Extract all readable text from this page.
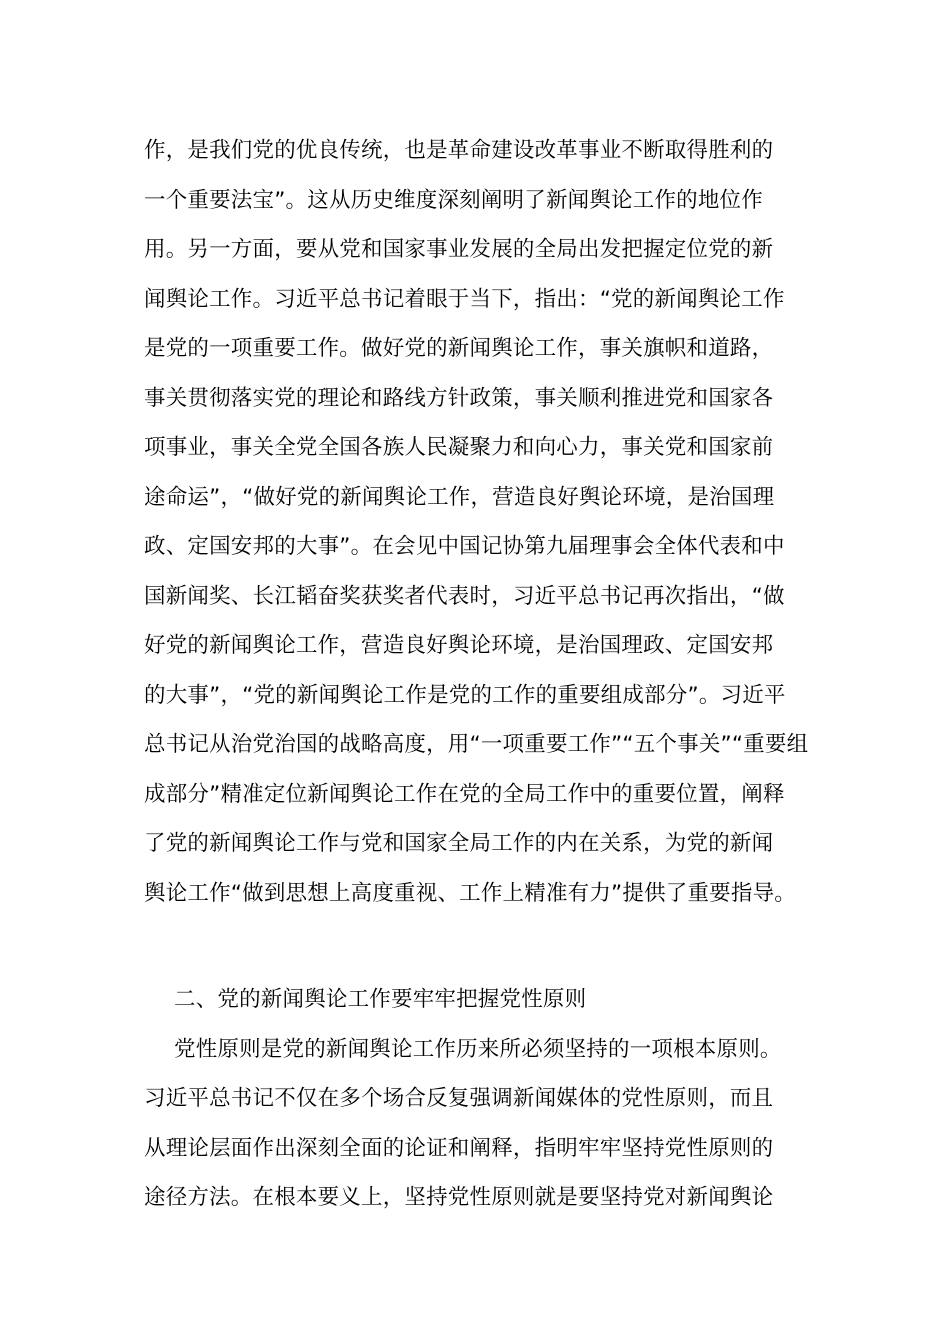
作，是我们党的优良传统，也是革命建设改革事业不断取得胜利的
一个重要法宝”。这从历史维度深刻阐明了新闻舆论工作的地位作
用。另一方面，要从党和国家事业发展的全局出发把握定位党的新
闻舆论工作。习近平总书记着眼于当下，指出：“党的新闻舆论工作
是党的一项重要工作。做好党的新闻舆论工作，事关旗帜和道路，
事关贯彻落实党的理论和路线方针政策，事关顺利推进党和国家各
项事业，事关全党全国各族人民凝聚力和向心力，事关党和国家前
途命运”，“做好党的新闻舆论工作，营造良好舆论环境，是治国理
政、定国安邦的大事”。在会见中国记协第九届理事会全体代表和中
国新闻奖、长江韬奋奖获奖者代表时，习近平总书记再次指出，“做
好党的新闻舆论工作，营造良好舆论环境，是治国理政、定国安邦
的大事”，“党的新闻舆论工作是党的工作的重要组成部分”。习近平
总书记从治党治国的战略高度，用“一项重要工作”“五个事关”“重要组
成部分”精准定位新闻舆论工作在党的全局工作中的重要位置，阐释
了党的新闻舆论工作与党和国家全局工作的内在关系，为党的新闻
舆论工作“做到思想上高度重视、工作上精准有力”提供了重要指导。
二、党的新闻舆论工作要牢牢把握党性原则
党性原则是党的新闻舆论工作历来所必须坚持的一项根本原则。
习近平总书记不仅在多个场合反复强调新闻媒体的党性原则，而且
从理论层面作出深刻全面的论证和阐释，指明牢牢坚持党性原则的
途径方法。在根本要义上，坚持党性原则就是要坚持党对新闻舆论
